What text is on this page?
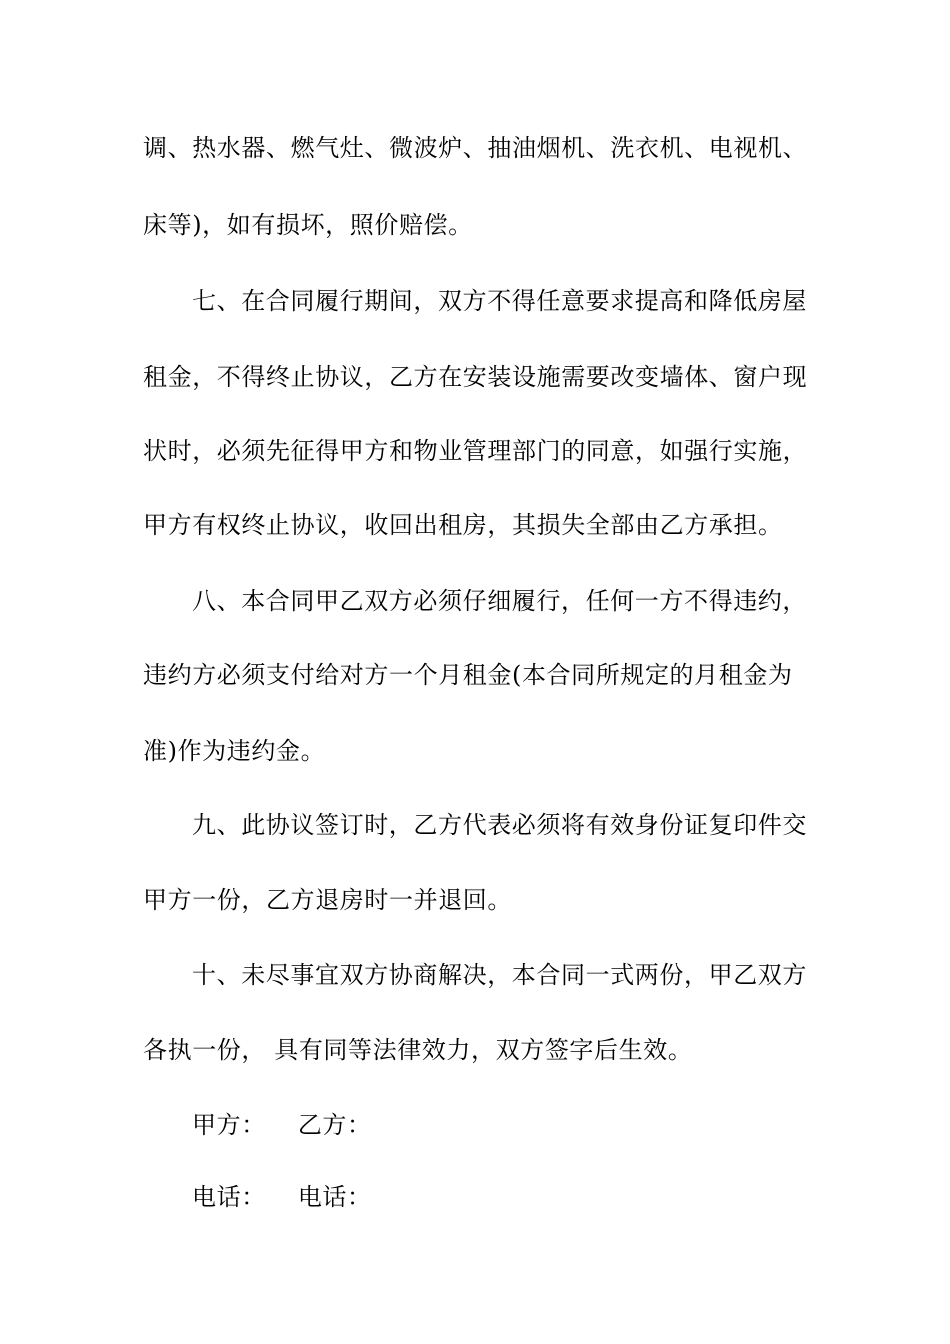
调、热水器、燃气灶、微波炉、抽油烟机、洗衣机、电视机、
床等)，如有损坏，照价赔偿。
七、在合同履行期间，双方不得任意要求提高和降低房屋
租金，不得终止协议，乙方在安装设施需要改变墙体、窗户现
状时，必须先征得甲方和物业管理部门的同意，如强行实施，
甲方有权终止协议，收回出租房，其损失全部由乙方承担。
八、本合同甲乙双方必须仔细履行，任何一方不得违约，
违约方必须支付给对方一个月租金(本合同所规定的月租金为
准)作为违约金。
九、此协议签订时，乙方代表必须将有效身份证复印件交
甲方一份，乙方退房时一并退回。
十、未尽事宜双方协商解决，本合同一式两份，甲乙双方
各执一份， 具有同等法律效力，双方签字后生效。
甲方： 乙方：
电话： 电话：
